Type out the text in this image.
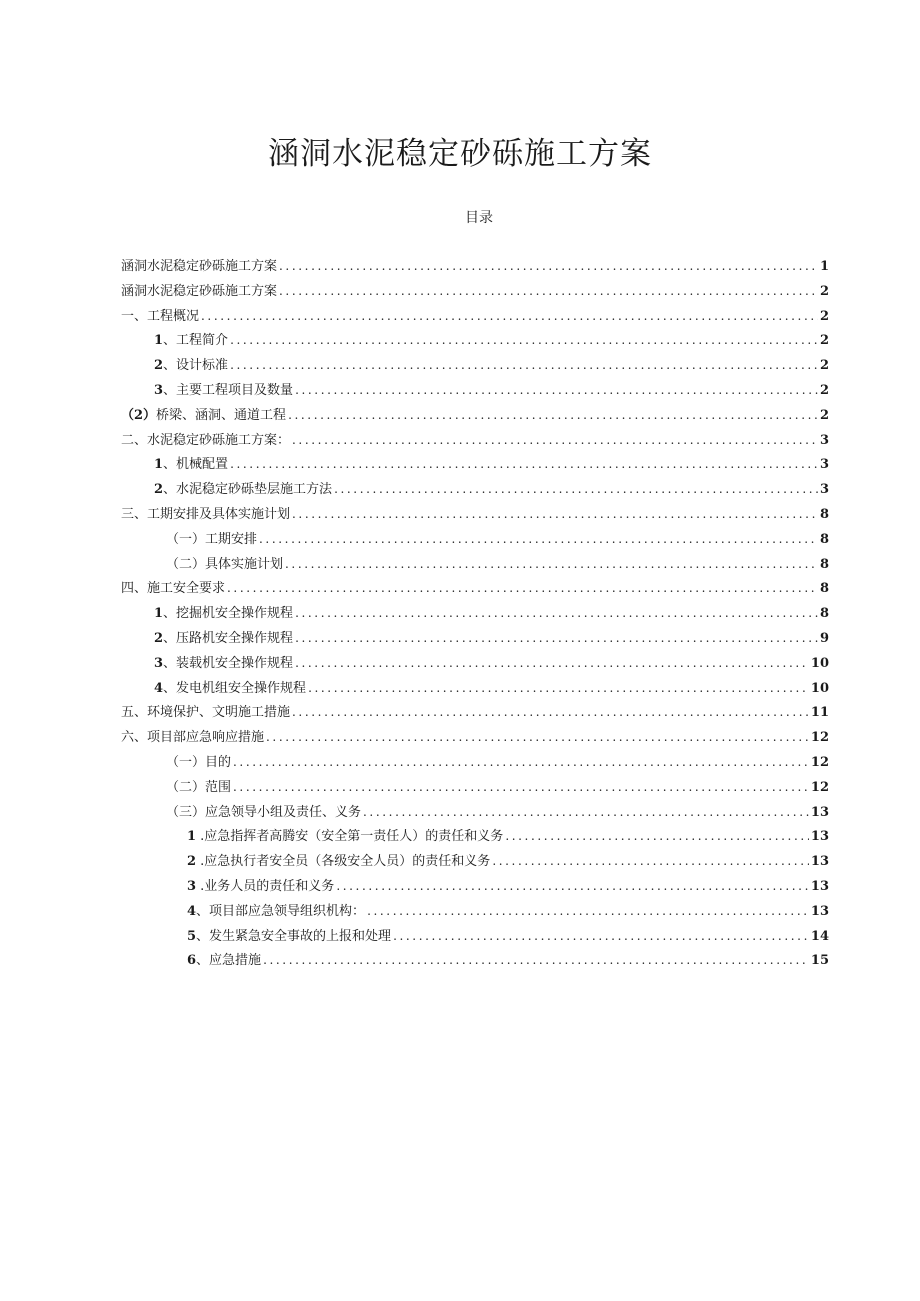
涵洞水泥稳定砂砾施工方案
目录
涵洞水泥稳定砂砾施工方案 .....	1
涵洞水泥稳定砂砾施工方案 .....	2
一、工程概况 .....	2
1、工程简介 .....	2
2、设计标准 .....	2
3、主要工程项目及数量 .....	2
（2）桥梁、涵洞、通道工程 .....	2
二、水泥稳定砂砾施工方案： .....	3
1、机械配置 .....	3
2、水泥稳定砂砾垫层施工方法 .....	3
三、工期安排及具体实施计划 .....	8
（一）工期安排 .....	8
（二）具体实施计划 .....	8
四、施工安全要求 .....	8
1、挖掘机安全操作规程 .....	8
2、压路机安全操作规程 .....	9
3、装载机安全操作规程 .....	10
4、发电机组安全操作规程 .....	10
五、环境保护、文明施工措施 .....	11
六、项目部应急响应措施 .....	12
（一）目的 .....	12
（二）范围 .....	12
（三）应急领导小组及责任、义务 .....	13
1 .应急指挥者高腾安（安全第一责任人）的责任和义务 .....	13
2 .应急执行者安全员（各级安全人员）的责任和义务 .....	13
3 .业务人员的责任和义务 .....	13
4、项目部应急领导组织机构： .....	13
5、发生紧急安全事故的上报和处理 .....	14
6、应急措施 .....	15
